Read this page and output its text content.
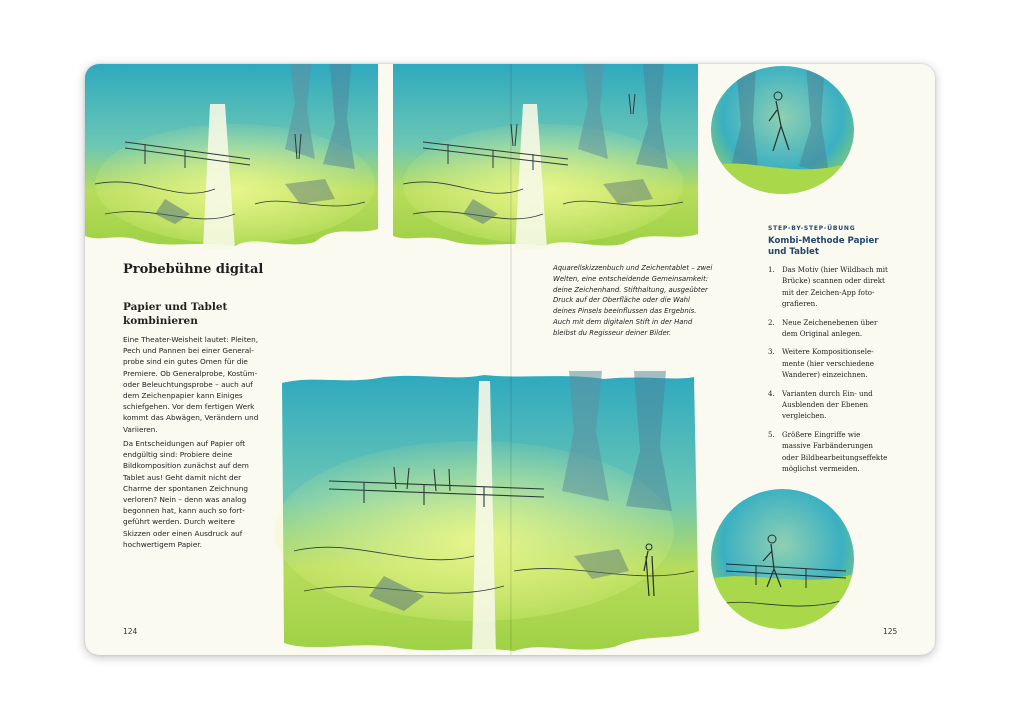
Probebühne digital
Papier und Tablet kombinieren

Eine Theater-Weisheit lautet: Pleiten, Pech und Pannen bei einer Generalprobe sind ein gutes Omen für die Premiere. Ob Generalprobe, Kostüm- oder Beleuchtungsprobe – auch auf dem Zeichenpapier kann Einiges schiefgehen. Vor dem fertigen Werk kommt das Abwägen, Verändern und Variieren.

Da Entscheidungen auf Papier oft endgültig sind: Probiere deine Bildkomposition zunächst auf dem Tablet aus! Geht damit nicht der Charme der spontanen Zeichnung verloren? Nein – denn was analog begonnen hat, kann auch so fortgeführt werden. Durch weitere Skizzen oder einen Ausdruck auf hochwertigem Papier.

Aquarellskizzenbuch und Zeichentablet – zwei Welten, eine entscheidende Gemeinsamkeit: deine Zeichenhand. Stifthaltung, ausgeübter Druck auf der Oberfläche oder die Wahl deines Pinsels beeinflussen das Ergebnis. Auch mit dem digitalen Stift in der Hand bleibst du Regisseur deiner Bilder.

STEP-BY-STEP-ÜBUNG
Kombi-Methode Papier und Tablet
1. Das Motiv (hier Wildbach mit Brücke) scannen oder direkt mit der Zeichen-App fotografieren.
2. Neue Zeichenebenen über dem Original anlegen.
3. Weitere Kompositionselemente (hier verschiedene Wanderer) einzeichnen.
4. Varianten durch Ein- und Ausblenden der Ebenen vergleichen.
5. Größere Eingriffe wie massive Farbänderungen oder Bildbearbeitungseffekte möglichst vermeiden.
124	125
